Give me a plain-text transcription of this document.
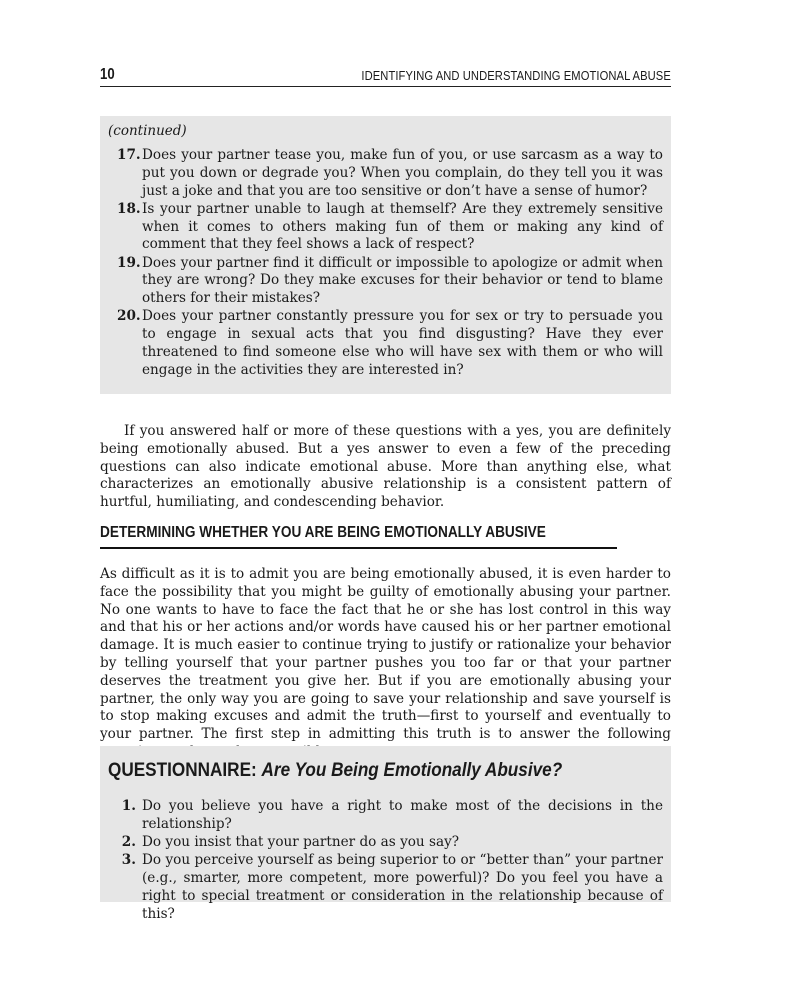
10	IDENTIFYING AND UNDERSTANDING EMOTIONAL ABUSE
(continued)
17. Does your partner tease you, make fun of you, or use sarcasm as a way to put you down or degrade you? When you complain, do they tell you it was just a joke and that you are too sensitive or don’t have a sense of humor?
18. Is your partner unable to laugh at themself? Are they extremely sensitive when it comes to others making fun of them or making any kind of comment that they feel shows a lack of respect?
19. Does your partner find it difficult or impossible to apologize or admit when they are wrong? Do they make excuses for their behavior or tend to blame others for their mistakes?
20. Does your partner constantly pressure you for sex or try to persuade you to engage in sexual acts that you find disgusting? Have they ever threatened to find someone else who will have sex with them or who will engage in the activities they are interested in?

If you answered half or more of these questions with a yes, you are definitely being emotionally abused. But a yes answer to even a few of the preceding questions can also indicate emotional abuse. More than anything else, what characterizes an emotionally abusive relationship is a consistent pattern of hurtful, humiliating, and condescending behavior.

DETERMINING WHETHER YOU ARE BEING EMOTIONALLY ABUSIVE

As difficult as it is to admit you are being emotionally abused, it is even harder to face the possibility that you might be guilty of emotionally abusing your partner. No one wants to have to face the fact that he or she has lost control in this way and that his or her actions and/or words have caused his or her partner emotional damage. It is much easier to continue trying to justify or rationalize your behavior by telling yourself that your partner pushes you too far or that your partner deserves the treatment you give her. But if you are emotionally abusing your partner, the only way you are going to save your relationship and save yourself is to stop making excuses and admit the truth—first to yourself and eventually to your partner. The first step in admitting this truth is to answer the following

QUESTIONNAIRE: Are You Being Emotionally Abusive?
1. Do you believe you have a right to make most of the decisions in the relationship?
2. Do you insist that your partner do as you say?
3. Do you perceive yourself as being superior to or “better than” your partner (e.g., smarter, more competent, more powerful)? Do you feel you have a right to special treatment or consideration in the relationship because of this?
